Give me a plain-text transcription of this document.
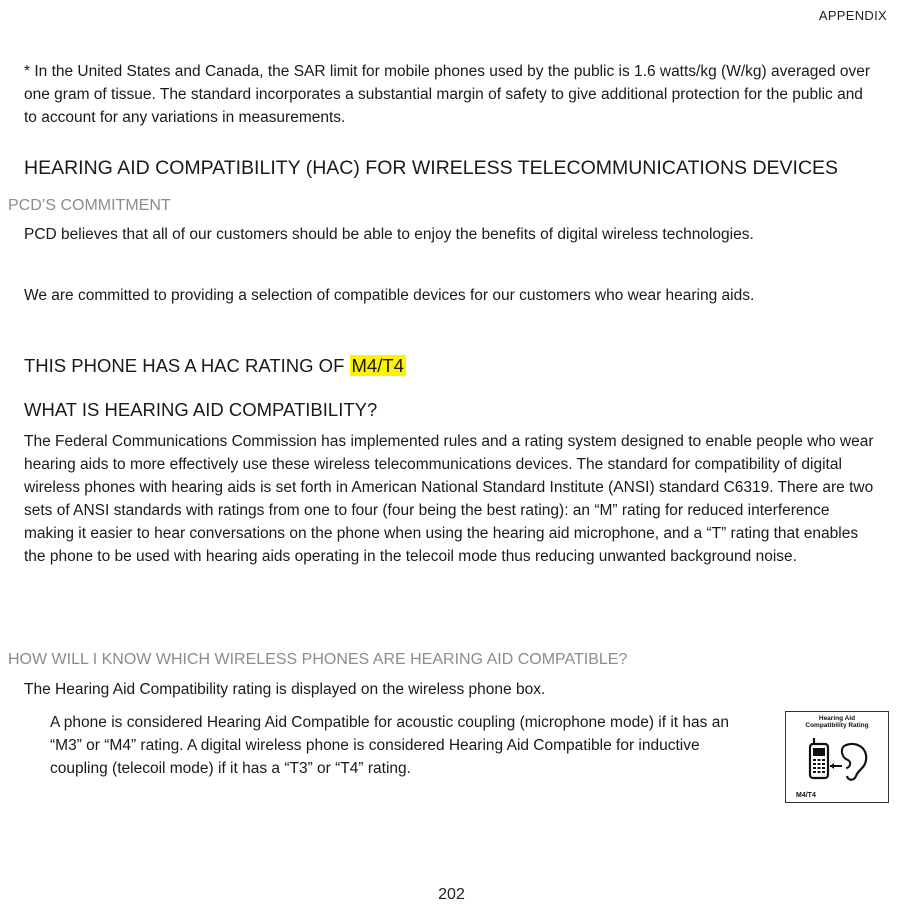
APPENDIX

* In the United States and Canada, the SAR limit for mobile phones used by the public is 1.6 watts/kg (W/kg) averaged over one gram of tissue. The standard incorporates a substantial margin of safety to give additional protection for the public and to account for any variations in measurements.

HEARING AID COMPATIBILITY (HAC) FOR WIRELESS TELECOMMUNICATIONS DEVICES
PCD’S COMMITMENT

PCD believes that all of our customers should be able to enjoy the benefits of digital wireless technologies.

We are committed to providing a selection of compatible devices for our customers who wear hearing aids.

THIS PHONE HAS A HAC RATING OF M4/T4
WHAT IS HEARING AID COMPATIBILITY?

The Federal Communications Commission has implemented rules and a rating system designed to enable people who wear hearing aids to more effectively use these wireless telecommunications devices. The standard for compatibility of digital wireless phones with hearing aids is set forth in American National Standard Institute (ANSI) standard C6319. There are two sets of ANSI standards with ratings from one to four (four being the best rating): an “M” rating for reduced interference making it easier to hear conversations on the phone when using the hearing aid microphone, and a “T” rating that enables the phone to be used with hearing aids operating in the telecoil mode thus reducing unwanted background noise.

HOW WILL I KNOW WHICH WIRELESS PHONES ARE HEARING AID COMPATIBLE?

The Hearing Aid Compatibility rating is displayed on the wireless phone box.

A phone is considered Hearing Aid Compatible for acoustic coupling (microphone mode) if it has an “M3” or “M4” rating. A digital wireless phone is considered Hearing Aid Compatible for inductive coupling (telecoil mode) if it has a “T3” or “T4” rating.

Hearing Aid
Compatibility Rating
M4/T4
202
